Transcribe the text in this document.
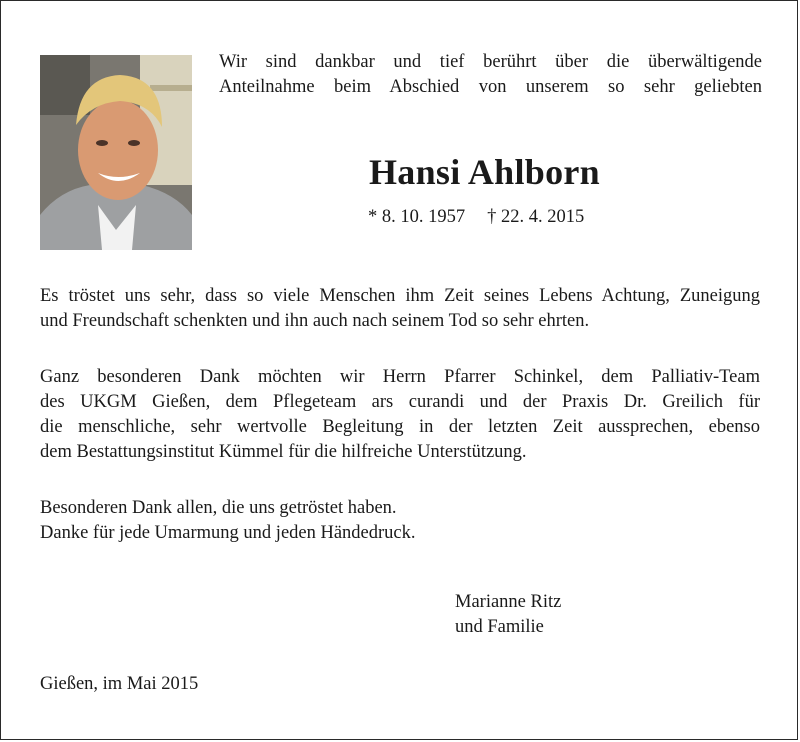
Wir sind dankbar und tief berührt über die überwältigende
Anteilnahme beim Abschied von unserem so sehr geliebten
Hansi Ahlborn
* 8. 10. 1957 † 22. 4. 2015
Es tröstet uns sehr, dass so viele Menschen ihm Zeit seines Lebens Achtung, Zuneigung
und Freundschaft schenkten und ihn auch nach seinem Tod so sehr ehrten.
Ganz besonderen Dank möchten wir Herrn Pfarrer Schinkel, dem Palliativ-Team
des UKGM Gießen, dem Pflegeteam ars curandi und der Praxis Dr. Greilich für
die menschliche, sehr wertvolle Begleitung in der letzten Zeit aussprechen, ebenso
dem Bestattungsinstitut Kümmel für die hilfreiche Unterstützung.
Besonderen Dank allen, die uns getröstet haben.
Danke für jede Umarmung und jeden Händedruck.
Marianne Ritz
und Familie
Gießen, im Mai 2015
